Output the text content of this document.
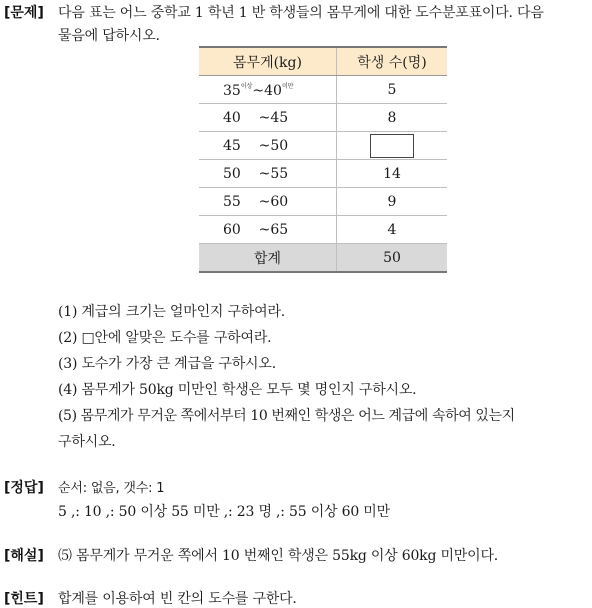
[문제] 다음 표는 어느 중학교 1 학년 1 반 학생들의 몸무게에 대한 도수분포표이다. 다음
물음에 답하시오.
몸무게(kg)	학생 수(명)
$35^{이상}\sim 40^{미만}$	5
40 ~45	8
45 ~50	
50 ~55	14
55 ~60	9
60 ~65	4
합계	50
(1) 계급의 크기는 얼마인지 구하여라.
(2) □안에 알맞은 도수를 구하여라.
(3) 도수가 가장 큰 계급을 구하시오.
(4) 몸무게가 50kg 미만인 학생은 모두 몇 명인지 구하시오.
(5) 몸무게가 무거운 쪽에서부터 10 번째인 학생은 어느 계급에 속하여 있는지
구하시오.
[정답] 순서: 없음, 갯수: 1
5 ,: 10 ,: 50 이상 55 미만 ,: 23 명 ,: 55 이상 60 미만
[해설] ⑸ 몸무게가 무거운 쪽에서 10 번째인 학생은 55kg 이상 60kg 미만이다.
[힌트] 합계를 이용하여 빈 칸의 도수를 구한다.
